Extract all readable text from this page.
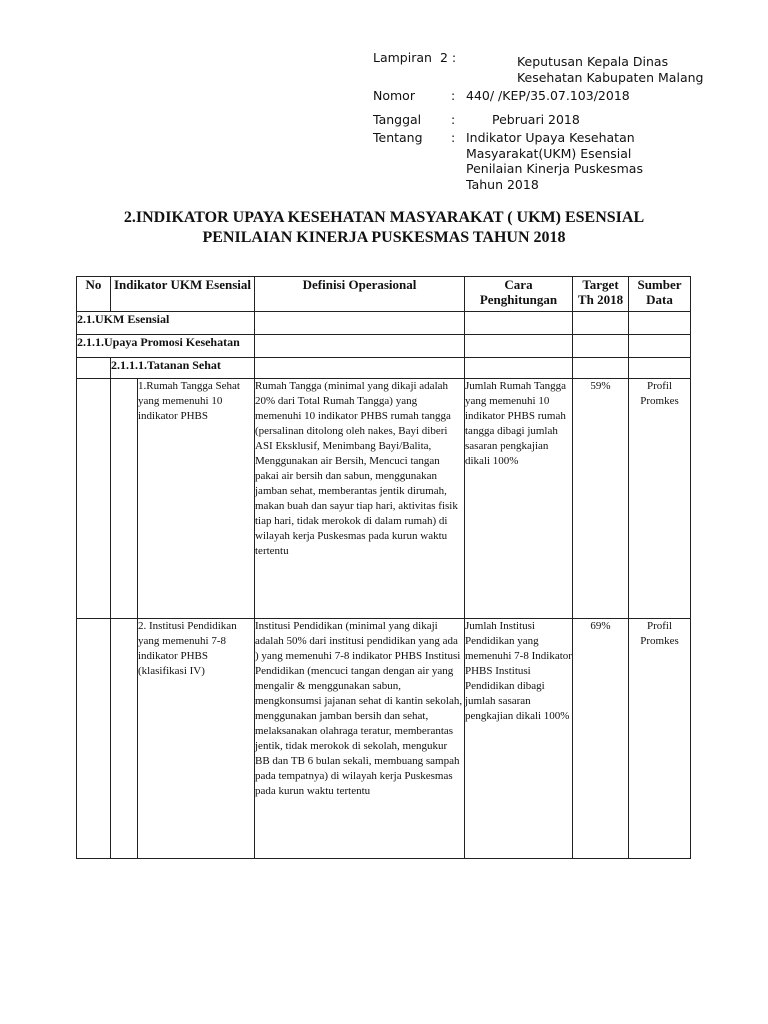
Lampiran 2 :	Keputusan Kepala Dinas Kesehatan Kabupaten Malang
Nomor	: 440/ /KEP/35.07.103/2018
Tanggal	:	Pebruari 2018
Tentang	: Indikator Upaya Kesehatan Masyarakat(UKM) Esensial Penilaian Kinerja Puskesmas Tahun 2018
2.INDIKATOR UPAYA KESEHATAN MASYARAKAT ( UKM) ESENSIAL
PENILAIAN KINERJA PUSKESMAS TAHUN 2018
No	Indikator UKM Esensial		Definisi Operasional	Cara Penghitungan	Target Th 2018	Sumber Data
2.1.UKM Esensial						
2.1.1.Upaya Promosi Kesehatan						
	2.1.1.1.Tatanan Sehat					
		1.Rumah Tangga Sehat yang memenuhi 10 indikator PHBS	Rumah Tangga (minimal yang dikaji adalah 20% dari Total Rumah Tangga) yang memenuhi 10 indikator PHBS rumah tangga (persalinan ditolong oleh nakes, Bayi diberi ASI Eksklusif, Menimbang Bayi/Balita, Menggunakan air Bersih, Mencuci tangan pakai air bersih dan sabun, menggunakan jamban sehat, memberantas jentik dirumah, makan buah dan sayur tiap hari, aktivitas fisik tiap hari, tidak merokok di dalam rumah) di wilayah kerja Puskesmas pada kurun waktu tertentu	Jumlah Rumah Tangga yang memenuhi 10 indikator PHBS rumah tangga dibagi jumlah sasaran pengkajian dikali 100%	59%	Profil Promkes
		2. Institusi Pendidikan yang memenuhi 7-8 indikator PHBS (klasifikasi IV)	Institusi Pendidikan (minimal yang dikaji adalah 50% dari institusi pendidikan yang ada ) yang memenuhi 7-8 indikator PHBS Institusi Pendidikan (mencuci tangan dengan air yang mengalir & menggunakan sabun, mengkonsumsi jajanan sehat di kantin sekolah, menggunakan jamban bersih dan sehat, melaksanakan olahraga teratur, memberantas jentik, tidak merokok di sekolah, mengukur BB dan TB 6 bulan sekali, membuang sampah pada tempatnya) di wilayah kerja Puskesmas pada kurun waktu tertentu	Jumlah Institusi Pendidikan yang memenuhi 7-8 Indikator PHBS Institusi Pendidikan dibagi jumlah sasaran pengkajian dikali 100%	69%	Profil Promkes
